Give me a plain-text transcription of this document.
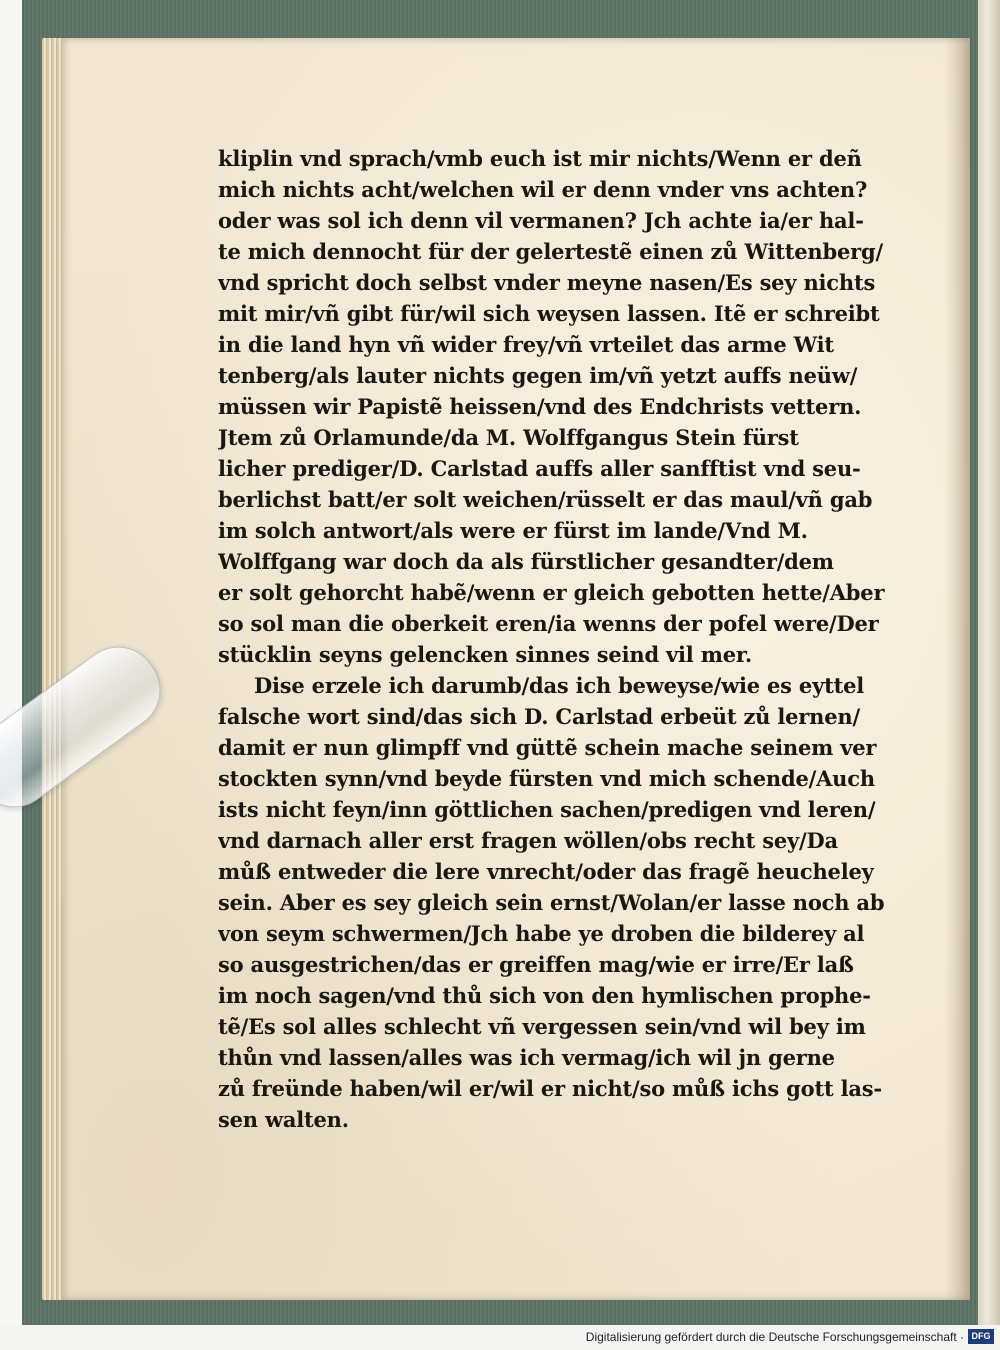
kliplin vnd sprach/vmb euch ist mir nichts/Wenn er deñ
mich nichts acht/welchen wil er denn vnder vns achten?
oder was sol ich denn vil vermanen? Jch achte ia/er hal-
te mich dennocht für der gelertestẽ einen zů Wittenberg/
vnd spricht doch selbst vnder meyne nasen/Es sey nichts
mit mir/vñ gibt für/wil sich weysen lassen. Itẽ er schreibt
in die land hyn vñ wider frey/vñ vrteilet das arme Wit
tenberg/als lauter nichts gegen im/vñ yetzt auffs neüw/
müssen wir Papistẽ heissen/vnd des Endchrists vettern.
Jtem zů Orlamunde/da M. Wolffgangus Stein fürst
licher prediger/D. Carlstad auffs aller sanfftist vnd seu-
berlichst batt/er solt weichen/rüsselt er das maul/vñ gab
im solch antwort/als were er fürst im lande/Vnd M.
Wolffgang war doch da als fürstlicher gesandter/dem
er solt gehorcht habẽ/wenn er gleich gebotten hette/Aber
so sol man die oberkeit eren/ia wenns der pofel were/Der
stücklin seyns gelencken sinnes seind vil mer.
Dise erzele ich darumb/das ich beweyse/wie es eyttel
falsche wort sind/das sich D. Carlstad erbeüt zů lernen/
damit er nun glimpff vnd güttẽ schein mache seinem ver
stockten synn/vnd beyde fürsten vnd mich schende/Auch
ists nicht feyn/inn göttlichen sachen/predigen vnd leren/
vnd darnach aller erst fragen wöllen/obs recht sey/Da
můß entweder die lere vnrecht/oder das fragẽ heucheley
sein. Aber es sey gleich sein ernst/Wolan/er lasse noch ab
von seym schwermen/Jch habe ye droben die bilderey al
so ausgestrichen/das er greiffen mag/wie er irre/Er laß
im noch sagen/vnd thů sich von den hymlischen prophe-
tẽ/Es sol alles schlecht vñ vergessen sein/vnd wil bey im
thůn vnd lassen/alles was ich vermag/ich wil jn gerne
zů freünde haben/wil er/wil er nicht/so můß ichs gott las-
sen walten.
Digitalisierung gefördert durch die Deutsche Forschungsgemeinschaft · DFG
